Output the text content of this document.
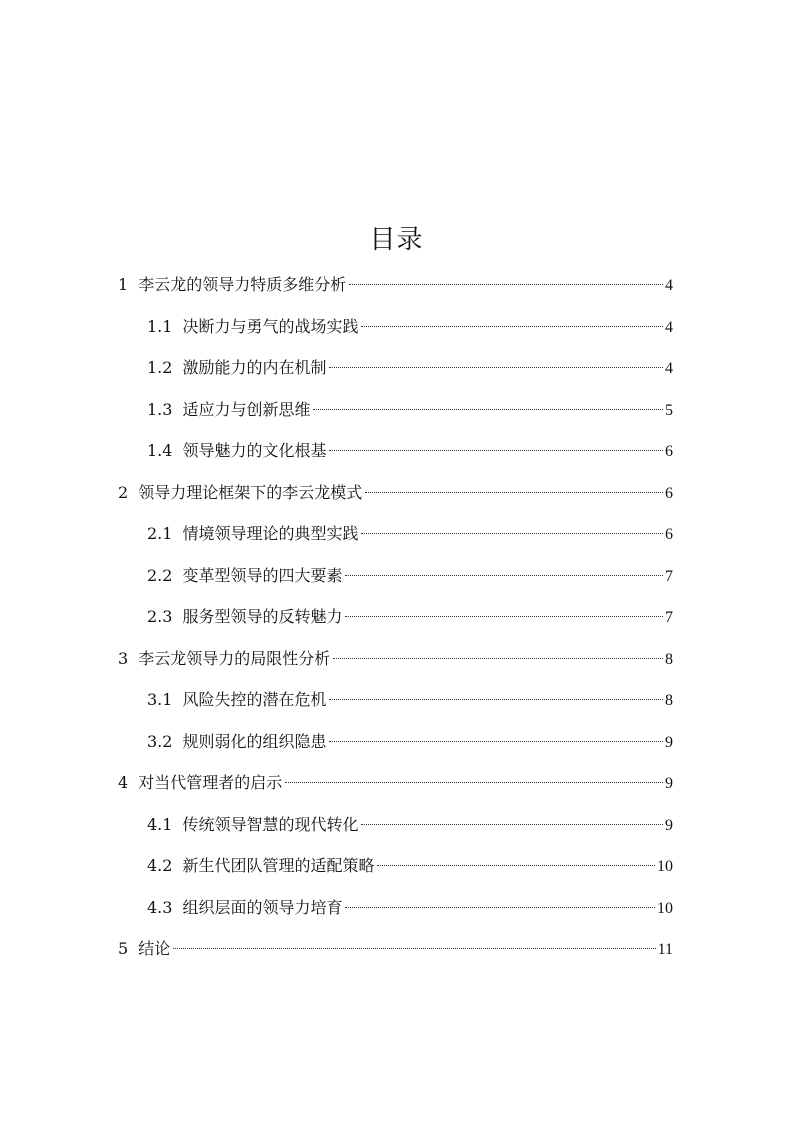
目录
1 李云龙的领导力特质多维分析	4
1.1 决断力与勇气的战场实践	4
1.2 激励能力的内在机制	4
1.3 适应力与创新思维	5
1.4 领导魅力的文化根基	6
2 领导力理论框架下的李云龙模式	6
2.1 情境领导理论的典型实践	6
2.2 变革型领导的四大要素	7
2.3 服务型领导的反转魅力	7
3 李云龙领导力的局限性分析	8
3.1 风险失控的潜在危机	8
3.2 规则弱化的组织隐患	9
4 对当代管理者的启示	9
4.1 传统领导智慧的现代转化	9
4.2 新生代团队管理的适配策略	10
4.3 组织层面的领导力培育	10
5 结论	11
